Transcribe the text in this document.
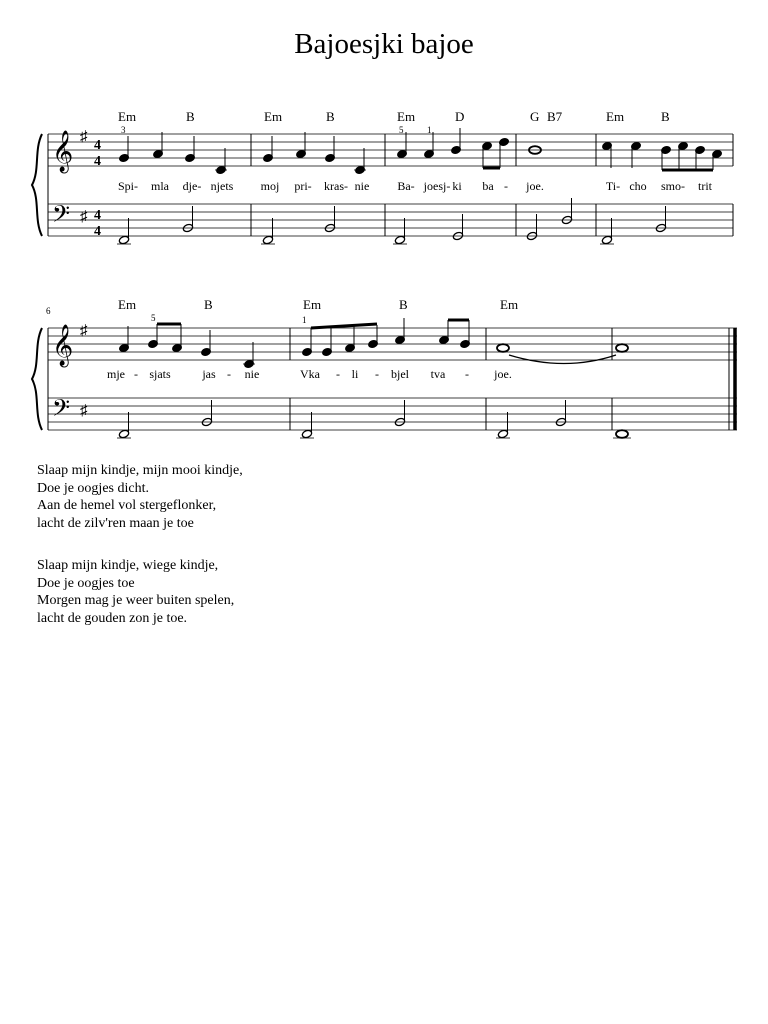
Bajoesjki bajoe
𝄞
𝄢
♯
♯
4
4
4
4
Em	B	Em	B	Em	D	G B7	Em	B
3	5	1
Spi- mla dje- njets moj pri- kras- nie Ba- joesj- ki ba - joe.	Ti- cho smo- trit
6
𝄞
𝄢
♯
♯
Em	B	Em	B	Em
5	1
mje - sjats	jas - nie	Vka - li - bjel tva - joe.
Slaap mijn kindje, mijn mooi kindje,
Doe je oogjes dicht.
Aan de hemel vol stergeflonker,
lacht de zilv'ren maan je toe
Slaap mijn kindje, wiege kindje,
Doe je oogjes toe
Morgen mag je weer buiten spelen,
lacht de gouden zon je toe.
